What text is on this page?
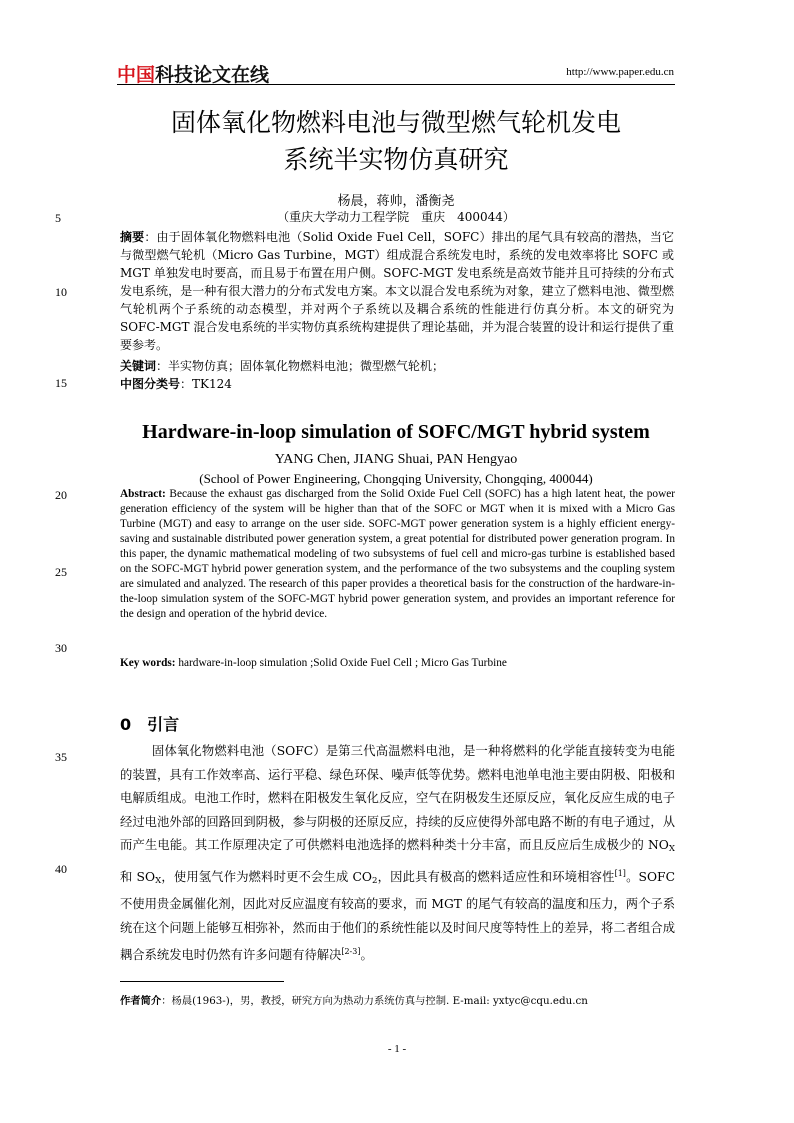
中国科技论文在线	http://www.paper.edu.cn
固体氧化物燃料电池与微型燃气轮机发电
系统半实物仿真研究
杨晨，蒋帅，潘衡尧
（重庆大学动力工程学院　重庆　400044）
5
10
15
20
25
30
35
40
摘要：由于固体氧化物燃料电池（Solid Oxide Fuel Cell，SOFC）排出的尾气具有较高的潜热，当它与微型燃气轮机（Micro Gas Turbine，MGT）组成混合系统发电时，系统的发电效率将比 SOFC 或 MGT 单独发电时要高，而且易于布置在用户侧。SOFC-MGT 发电系统是高效节能并且可持续的分布式发电系统，是一种有很大潜力的分布式发电方案。本文以混合发电系统为对象，建立了燃料电池、微型燃气轮机两个子系统的动态模型，并对两个子系统以及耦合系统的性能进行仿真分析。本文的研究为 SOFC-MGT 混合发电系统的半实物仿真系统构建提供了理论基础，并为混合装置的设计和运行提供了重要参考。
关键词：半实物仿真；固体氧化物燃料电池；微型燃气轮机；
中图分类号：TK124
Hardware-in-loop simulation of SOFC/MGT hybrid system
YANG Chen, JIANG Shuai, PAN Hengyao
(School of Power Engineering, Chongqing University, Chongqing, 400044)
Abstract: Because the exhaust gas discharged from the Solid Oxide Fuel Cell (SOFC) has a high latent heat, the power generation efficiency of the system will be higher than that of the SOFC or MGT when it is mixed with a Micro Gas Turbine (MGT) and easy to arrange on the user side. SOFC-MGT power generation system is a highly efficient energy-saving and sustainable distributed power generation system, a great potential for distributed power generation program. In this paper, the dynamic mathematical modeling of two subsystems of fuel cell and micro-gas turbine is established based on the SOFC-MGT hybrid power generation system, and the performance of the two subsystems and the coupling system are simulated and analyzed. The research of this paper provides a theoretical basis for the construction of the hardware-in-the-loop simulation system of the SOFC-MGT hybrid power generation system, and provides an important reference for the design and operation of the hybrid device.
Key words: hardware-in-loop simulation ;Solid Oxide Fuel Cell ; Micro Gas Turbine
0 引言
固体氧化物燃料电池（SOFC）是第三代高温燃料电池，是一种将燃料的化学能直接转变为电能的装置，具有工作效率高、运行平稳、绿色环保、噪声低等优势。燃料电池单电池主要由阴极、阳极和电解质组成。电池工作时，燃料在阳极发生氧化反应，空气在阴极发生还原反应，氧化反应生成的电子经过电池外部的回路回到阴极，参与阴极的还原反应，持续的反应使得外部电路不断的有电子通过，从而产生电能。其工作原理决定了可供燃料电池选择的燃料种类十分丰富，而且反应后生成极少的 $NO_X$ 和 $SO_X$，使用氢气作为燃料时更不会生成 $CO_2$，因此具有极高的燃料适应性和环境相容性[1]。SOFC 不使用贵金属催化剂，因此对反应温度有较高的要求，而 MGT 的尾气有较高的温度和压力，两个子系统在这个问题上能够互相弥补，然而由于他们的系统性能以及时间尺度等特性上的差异，将二者组合成耦合系统发电时仍然有许多问题有待解决[2-3]。
作者简介：杨晨(1963-)，男，教授，研究方向为热动力系统仿真与控制. E-mail: yxtyc@cqu.edu.cn
- 1 -
